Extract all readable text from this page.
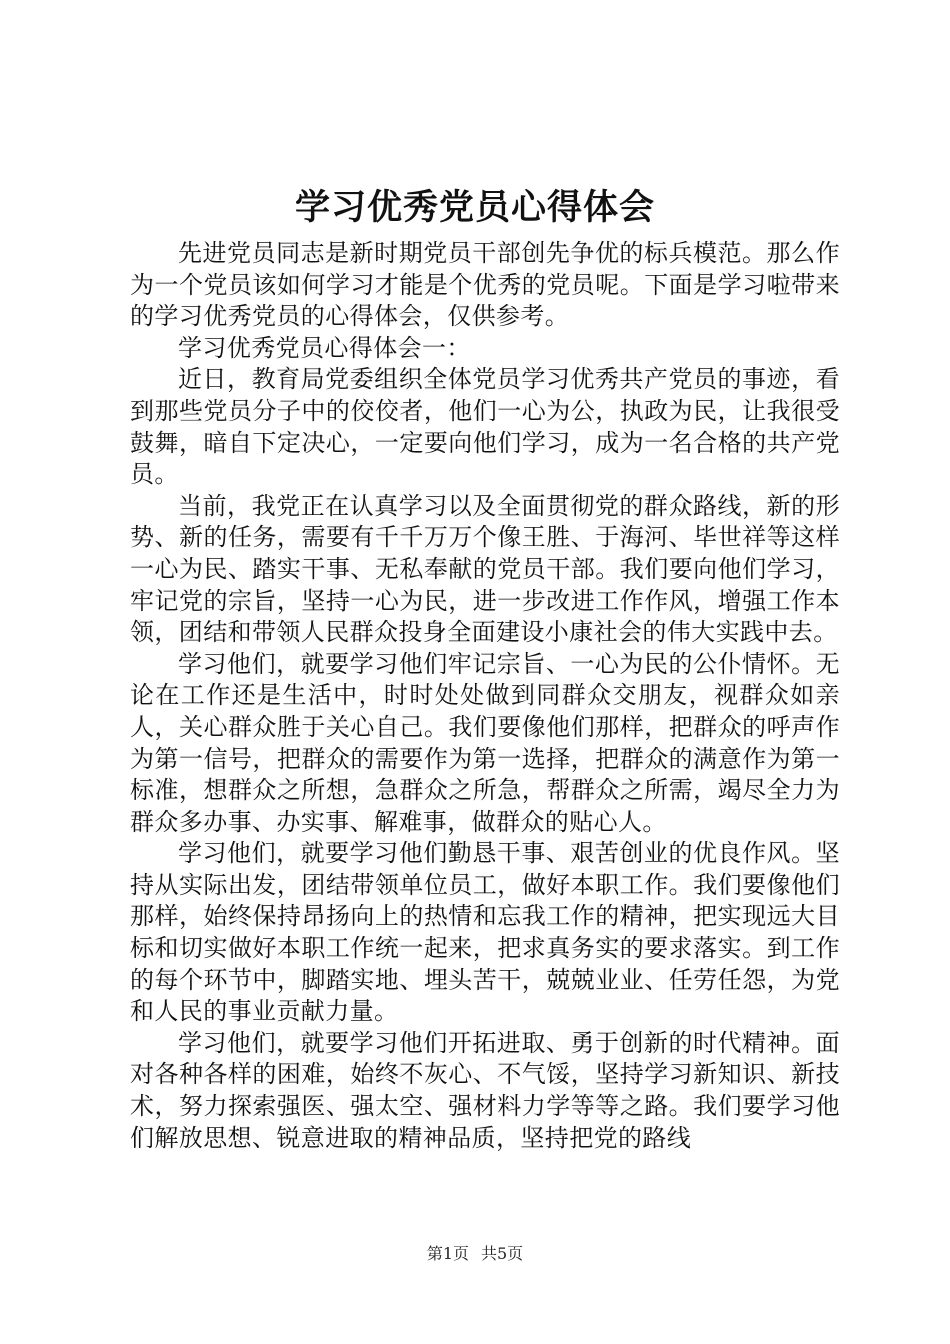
学习优秀党员心得体会

先进党员同志是新时期党员干部创先争优的标兵模范。那么作为一个党员该如何学习才能是个优秀的党员呢。下面是学习啦带来的学习优秀党员的心得体会，仅供参考。

学习优秀党员心得体会一：

近日，教育局党委组织全体党员学习优秀共产党员的事迹，看到那些党员分子中的佼佼者，他们一心为公，执政为民，让我很受鼓舞，暗自下定决心，一定要向他们学习，成为一名合格的共产党员。

当前，我党正在认真学习以及全面贯彻党的群众路线，新的形势、新的任务，需要有千千万万个像王胜、于海河、毕世祥等这样一心为民、踏实干事、无私奉献的党员干部。我们要向他们学习，牢记党的宗旨，坚持一心为民，进一步改进工作作风，增强工作本领，团结和带领人民群众投身全面建设小康社会的伟大实践中去。

学习他们，就要学习他们牢记宗旨、一心为民的公仆情怀。无论在工作还是生活中，时时处处做到同群众交朋友，视群众如亲人，关心群众胜于关心自己。我们要像他们那样，把群众的呼声作为第一信号，把群众的需要作为第一选择，把群众的满意作为第一标准，想群众之所想，急群众之所急，帮群众之所需，竭尽全力为群众多办事、办实事、解难事，做群众的贴心人。

学习他们，就要学习他们勤恳干事、艰苦创业的优良作风。坚持从实际出发，团结带领单位员工，做好本职工作。我们要像他们那样，始终保持昂扬向上的热情和忘我工作的精神，把实现远大目标和切实做好本职工作统一起来，把求真务实的要求落实。到工作的每个环节中，脚踏实地、埋头苦干，兢兢业业、任劳任怨，为党和人民的事业贡献力量。

学习他们，就要学习他们开拓进取、勇于创新的时代精神。面对各种各样的困难，始终不灰心、不气馁，坚持学习新知识、新技术，努力探索强医、强太空、强材料力学等等之路。我们要学习他们解放思想、锐意进取的精神品质，坚持把党的路线

第1页 共5页
